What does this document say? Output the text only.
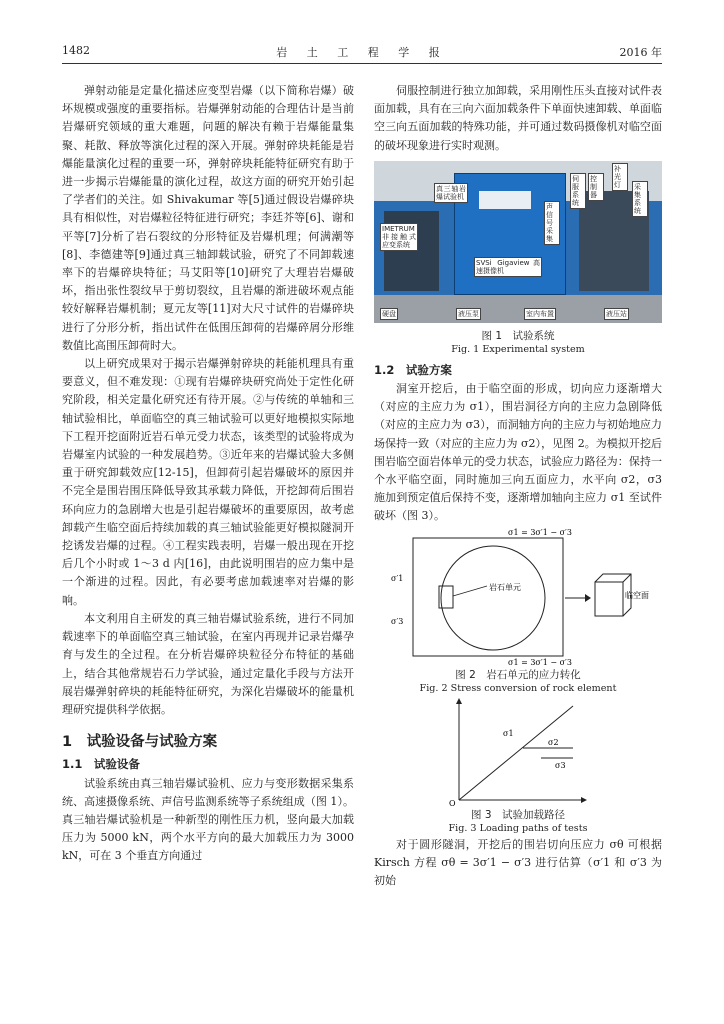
1482	岩 土 工 程 学 报	2016 年

弹射动能是定量化描述应变型岩爆（以下简称岩爆）破坏规模或强度的重要指标。岩爆弹射动能的合理估计是当前岩爆研究领域的重大难题，问题的解决有赖于岩爆能量集聚、耗散、释放等演化过程的深入开展。弹射碎块耗能是岩爆能量演化过程的重要一环，弹射碎块耗能特征研究有助于进一步揭示岩爆能量的演化过程，故这方面的研究开始引起了学者们的关注。如 Shivakumar 等[5]通过假设岩爆碎块具有相似性，对岩爆粒径特征进行研究；李廷芥等[6]、谢和平等[7]分析了岩石裂纹的分形特征及岩爆机理；何满潮等[8]、李德建等[9]通过真三轴卸载试验，研究了不同卸载速率下的岩爆碎块特征；马艾阳等[10]研究了大理岩岩爆破坏，指出张性裂纹早于剪切裂纹，且岩爆的渐进破坏观点能较好解释岩爆机制；夏元友等[11]对大尺寸试件的岩爆碎块进行了分形分析，指出试件在低围压卸荷的岩爆碎屑分形维数值比高围压卸荷时大。

以上研究成果对于揭示岩爆弹射碎块的耗能机理具有重要意义，但不难发现：①现有岩爆碎块研究尚处于定性化研究阶段，相关定量化研究还有待开展。②与传统的单轴和三轴试验相比，单面临空的真三轴试验可以更好地模拟实际地下工程开挖面附近岩石单元受力状态，该类型的试验将成为岩爆室内试验的一种发展趋势。③近年来的岩爆试验大多侧重于研究卸载效应[12-15]，但卸荷引起岩爆破坏的原因并不完全是围岩围压降低导致其承载力降低，开挖卸荷后围岩环向应力的急剧增大也是引起岩爆破坏的重要原因，故考虑卸载产生临空面后持续加载的真三轴试验能更好模拟隧洞开挖诱发岩爆的过程。④工程实践表明，岩爆一般出现在开挖后几个小时或 1～3 d 内[16]，由此说明围岩的应力集中是一个渐进的过程。因此，有必要考虑加载速率对岩爆的影响。

本文利用自主研发的真三轴岩爆试验系统，进行不同加载速率下的单面临空真三轴试验，在室内再现并记录岩爆孕育与发生的全过程。在分析岩爆碎块粒径分布特征的基础上，结合其他常规岩石力学试验，通过定量化手段与方法开展岩爆弹射碎块的耗能特征研究，为深化岩爆破坏的能量机理研究提供科学依据。

1　试验设备与试验方案
1.1　试验设备

试验系统由真三轴岩爆试验机、应力与变形数据采集系统、高速摄像系统、声信号监测系统等子系统组成（图 1）。真三轴岩爆试验机是一种新型的刚性压力机，竖向最大加载压力为 5000 kN，两个水平方向的最大加载压力为 3000 kN，可在 3 个垂直方向通过

伺服控制进行独立加卸载，采用刚性压头直接对试件表面加载，具有在三向六面加载条件下单面快速卸载、单面临空三向五面加载的特殊功能，并可通过数码摄像机对临空面的破坏现象进行实时观测。

真三轴岩爆试验机
IMETRUM非接触式应变系统
SVSi Gigaview高速摄像机
声信号采集
伺服系统
控制器
补光灯	采集系统
液压站
液压泵	室内布置
硬盘
图 1　试验系统
Fig. 1 Experimental system
1.2　试验方案

洞室开挖后，由于临空面的形成，切向应力逐渐增大（对应的主应力为 σ1），围岩洞径方向的主应力急剧降低（对应的主应力为 σ3），而洞轴方向的主应力与初始地应力场保持一致（对应的主应力为 σ2），见图 2。为模拟开挖后围岩临空面岩体单元的受力状态，试验应力路径为：保持一个水平临空面，同时施加三向五面应力，水平向 σ2，σ3 施加到预定值后保持不变，逐渐增加轴向主应力 σ1 至试件破坏（图 3）。

岩石单元
σ1 = 3σ′1 − σ′3
σ1 = 3σ′1 − σ′3
σ′1
σ′3
临空面
图 2　岩石单元的应力转化
Fig. 2 Stress conversion of rock element
σ1
σ2
σ3
O
图 3　试验加载路径
Fig. 3 Loading paths of tests

对于圆形隧洞，开挖后的围岩切向压应力 σθ 可根据 Kirsch 方程 σθ = 3σ′1 − σ′3 进行估算（σ′1 和 σ′3 为初始
